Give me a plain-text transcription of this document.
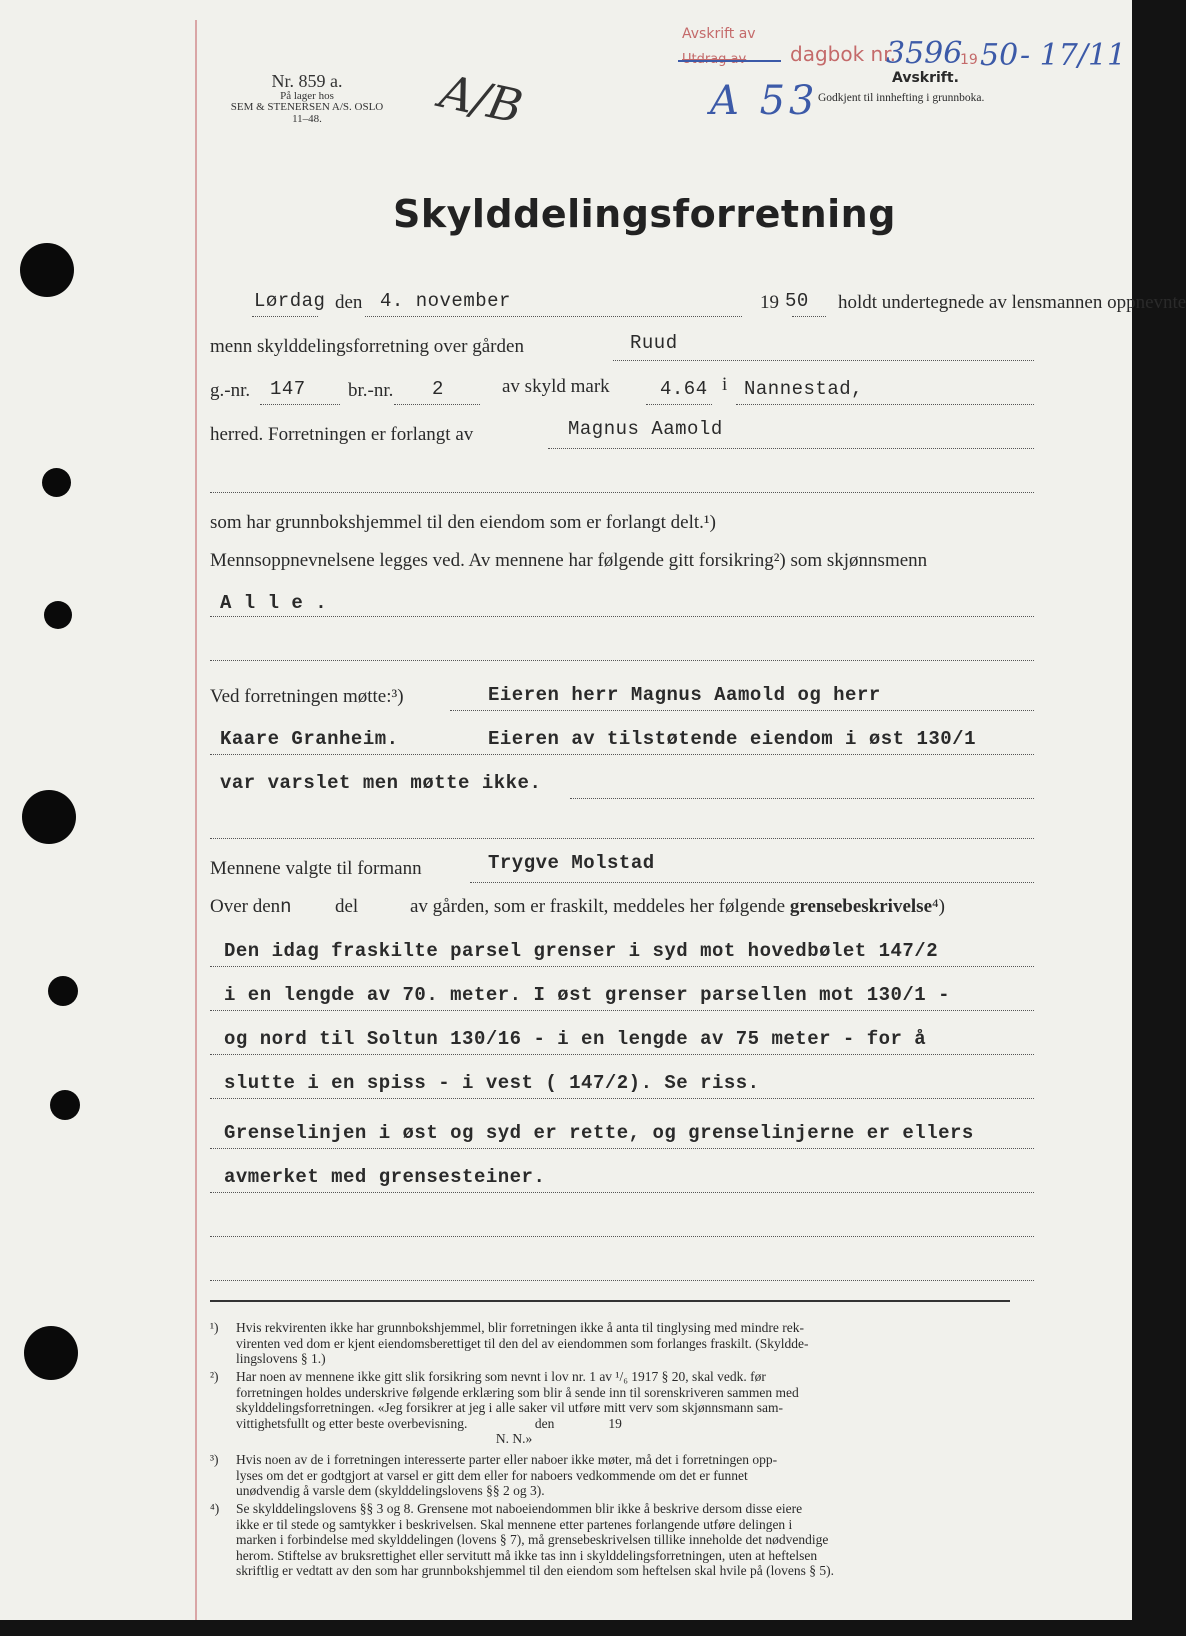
Nr. 859 a.
På lager hos
SEM & STENERSEN A/S. OSLO
11–48.	A/B
Avskrift av
Utdrag av dagbok nr.
3596
19 50 - 17/11
Avskrift.
Godkjent til innhefting i grunnboka.
A 53
Skylddelingsforretning
Lørdag den 4. november	19 50 holdt undertegnede av lensmannen oppnevnte
menn skylddelingsforretning over gården	Ruud
g.-nr. 147 br.-nr. 2	av skyld mark	4.64 i Nannestad,
herred. Forretningen er forlangt av	Magnus Aamold
som har grunnbokshjemmel til den eiendom som er forlangt delt.¹)
Mennsoppnevnelsene legges ved. Av mennene har følgende gitt forsikring²) som skjønnsmenn
A l l e .
Ved forretningen møtte:³)	Eieren herr Magnus Aamold og herr
Kaare Granheim.	Eieren av tilstøtende eiendom i øst 130/1
var varslet men møtte ikke.
Mennene valgte til formann	Trygve Molstad
Over denn del	av gården, som er fraskilt, meddeles her følgende grensebeskrivelse⁴)
Den idag fraskilte parsel grenser i syd mot hovedbølet 147/2
i en lengde av 70. meter. I øst grenser parsellen mot 130/1 -
og nord til Soltun 130/16 - i en lengde av 75 meter - for å
slutte i en spiss - i vest ( 147/2). Se riss.
Grenselinjen i øst og syd er rette, og grenselinjerne er ellers
avmerket med grensesteiner.
¹) Hvis rekvirenten ikke har grunnbokshjemmel, blir forretningen ikke å anta til tinglysing med mindre rek-
virenten ved dom er kjent eiendomsberettiget til den del av eiendommen som forlanges fraskilt. (Skyldde-
lingslovens § 1.)
²) Har noen av mennene ikke gitt slik forsikring som nevnt i lov nr. 1 av ¹/₆ 1917 § 20, skal vedk. før
forretningen holdes underskrive følgende erklæring som blir å sende inn til sorenskriveren sammen med
skylddelingsforretningen. «Jeg forsikrer at jeg i alle saker vil utføre mitt verv som skjønnsmann sam-
vittighetsfullt og etter beste overbevisning.                    den                19
N. N.»
³) Hvis noen av de i forretningen interesserte parter eller naboer ikke møter, må det i forretningen opp-
lyses om det er godtgjort at varsel er gitt dem eller for naboers vedkommende om det er funnet
unødvendig å varsle dem (skylddelingslovens §§ 2 og 3).
⁴) Se skylddelingslovens §§ 3 og 8. Grensene mot naboeiendommen blir ikke å beskrive dersom disse eiere
ikke er til stede og samtykker i beskrivelsen. Skal mennene etter partenes forlangende utføre delingen i
marken i forbindelse med skylddelingen (lovens § 7), må grensebeskrivelsen tillike inneholde det nødvendige
herom. Stiftelse av bruksrettighet eller servitutt må ikke tas inn i skylddelingsforretningen, uten at heftelsen
skriftlig er vedtatt av den som har grunnbokshjemmel til den eiendom som heftelsen skal hvile på (lovens § 5).
